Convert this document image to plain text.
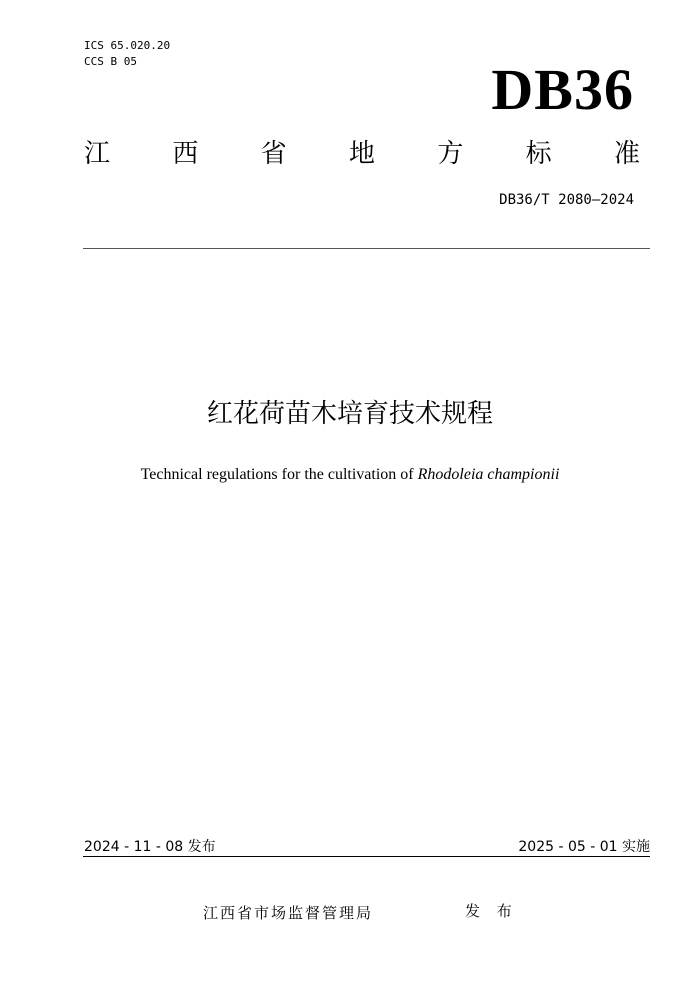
ICS 65.020.20
CCS B 05	DB36
江 西 省 地 方 标 准
DB36/T 2080—2024
红花荷苗木培育技术规程
Technical regulations for the cultivation of Rhodoleia championii
2024 - 11 - 08 发布	2025 - 05 - 01 实施
江西省市场监督管理局	发 布
